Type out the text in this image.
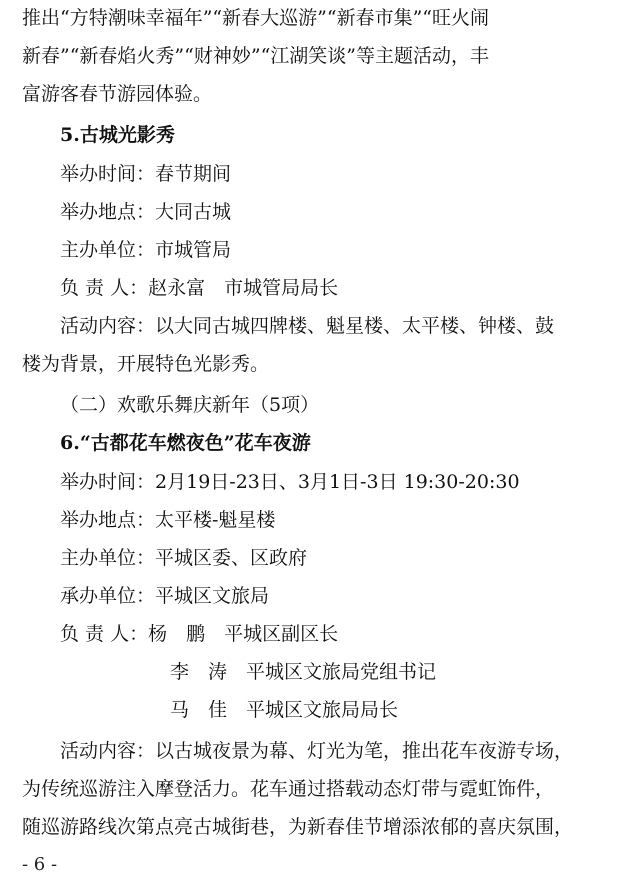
推出“方特潮味幸福年”“新春大巡游”“新春市集”“旺火闹
新春”“新春焰火秀”“财神妙”“江湖笑谈”等主题活动，丰
富游客春节游园体验。
5.古城光影秀
举办时间：春节期间
举办地点：大同古城
主办单位：市城管局
负 责 人：赵永富　市城管局局长
活动内容：以大同古城四牌楼、魁星楼、太平楼、钟楼、鼓
楼为背景，开展特色光影秀。
（二）欢歌乐舞庆新年（5项）
6.“古都花车燃夜色”花车夜游
举办时间：2月19日-23日、3月1日-3日 19:30-20:30
举办地点：太平楼-魁星楼
主办单位：平城区委、区政府
承办单位：平城区文旅局
负 责 人：杨　鹏　平城区副区长
李　涛　平城区文旅局党组书记
马　佳　平城区文旅局局长
活动内容：以古城夜景为幕、灯光为笔，推出花车夜游专场，
为传统巡游注入摩登活力。花车通过搭载动态灯带与霓虹饰件，
随巡游路线次第点亮古城街巷，为新春佳节增添浓郁的喜庆氛围，
- 6 -
